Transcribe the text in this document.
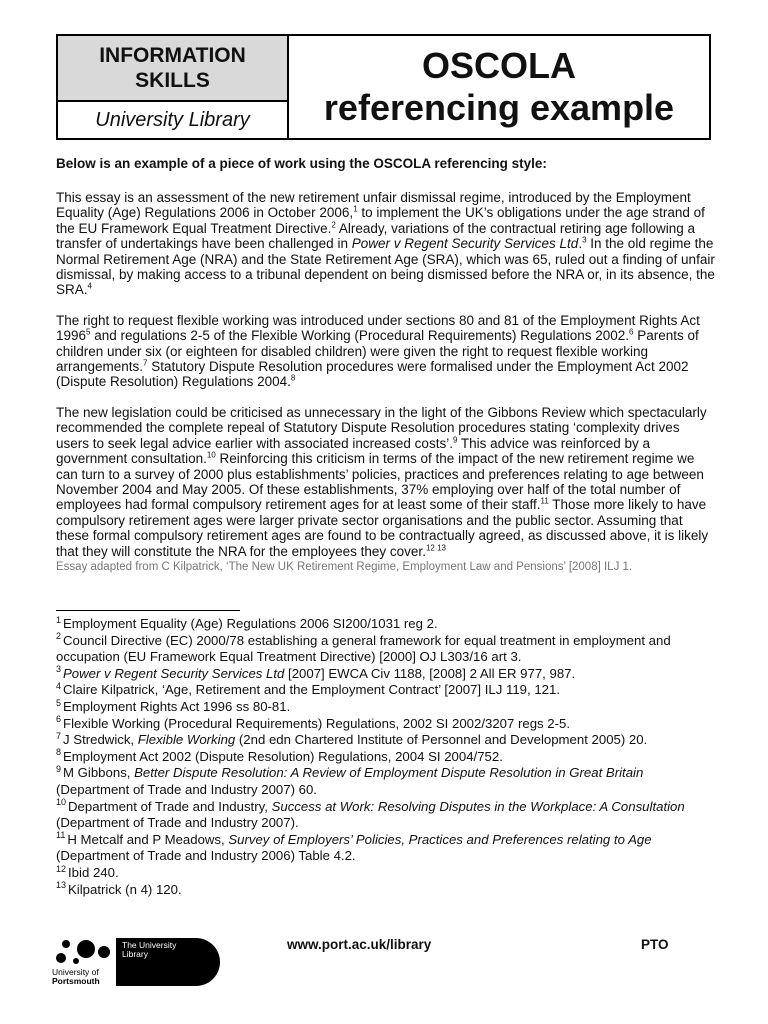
INFORMATION
SKILLS
University Library
OSCOLA
referencing example
Below is an example of a piece of work using the OSCOLA referencing style:

This essay is an assessment of the new retirement unfair dismissal regime, introduced by the Employment Equality (Age) Regulations 2006 in October 2006,$^1$ to implement the UK’s obligations under the age strand of the EU Framework Equal Treatment Directive.$^2$ Already, variations of the contractual retiring age following a transfer of undertakings have been challenged in Power v Regent Security Services Ltd.$^3$ In the old regime the Normal Retirement Age (NRA) and the State Retirement Age (SRA), which was 65, ruled out a finding of unfair dismissal, by making access to a tribunal dependent on being dismissed before the NRA or, in its absence, the SRA.$^4$

The right to request flexible working was introduced under sections 80 and 81 of the Employment Rights Act 1996$^5$ and regulations 2-5 of the Flexible Working (Procedural Requirements) Regulations 2002.$^6$ Parents of children under six (or eighteen for disabled children) were given the right to request flexible working arrangements.$^7$ Statutory Dispute Resolution procedures were formalised under the Employment Act 2002 (Dispute Resolution) Regulations 2004.$^8$

The new legislation could be criticised as unnecessary in the light of the Gibbons Review which spectacularly recommended the complete repeal of Statutory Dispute Resolution procedures stating ‘complexity drives users to seek legal advice earlier with associated increased costs’.$^9$ This advice was reinforced by a government consultation.$^{10}$ Reinforcing this criticism in terms of the impact of the new retirement regime we can turn to a survey of 2000 plus establishments’ policies, practices and preferences relating to age between November 2004 and May 2005. Of these establishments, 37% employing over half of the total number of employees had formal compulsory retirement ages for at least some of their staff.$^{11}$ Those more likely to have compulsory retirement ages were larger private sector organisations and the public sector. Assuming that these formal compulsory retirement ages are found to be contractually agreed, as discussed above, it is likely that they will constitute the NRA for the employees they cover.$^{12 13}$

Essay adapted from C Kilpatrick, ‘The New UK Retirement Regime, Employment Law and Pensions’ [2008] ILJ 1.
$^1$ Employment Equality (Age) Regulations 2006 SI200/1031 reg 2.
$^2$ Council Directive (EC) 2000/78 establishing a general framework for equal treatment in employment and occupation (EU Framework Equal Treatment Directive) [2000] OJ L303/16 art 3.
$^3$ Power v Regent Security Services Ltd [2007] EWCA Civ 1188, [2008] 2 All ER 977, 987.
$^4$ Claire Kilpatrick, ‘Age, Retirement and the Employment Contract’ [2007] ILJ 119, 121.
$^5$ Employment Rights Act 1996 ss 80-81.
$^6$ Flexible Working (Procedural Requirements) Regulations, 2002 SI 2002/3207 regs 2-5.
$^7$ J Stredwick, Flexible Working (2nd edn Chartered Institute of Personnel and Development 2005) 20.
$^8$ Employment Act 2002 (Dispute Resolution) Regulations, 2004 SI 2004/752.
$^9$ M Gibbons, Better Dispute Resolution: A Review of Employment Dispute Resolution in Great Britain (Department of Trade and Industry 2007) 60.
$^{10}$ Department of Trade and Industry, Success at Work: Resolving Disputes in the Workplace: A Consultation (Department of Trade and Industry 2007).
$^{11}$ H Metcalf and P Meadows, Survey of Employers’ Policies, Practices and Preferences relating to Age (Department of Trade and Industry 2006) Table 4.2.
$^{12}$ Ibid 240.
$^{13}$ Kilpatrick (n 4) 120.
www.port.ac.uk/library	PTO
University of
Portsmouth
The University
Library
